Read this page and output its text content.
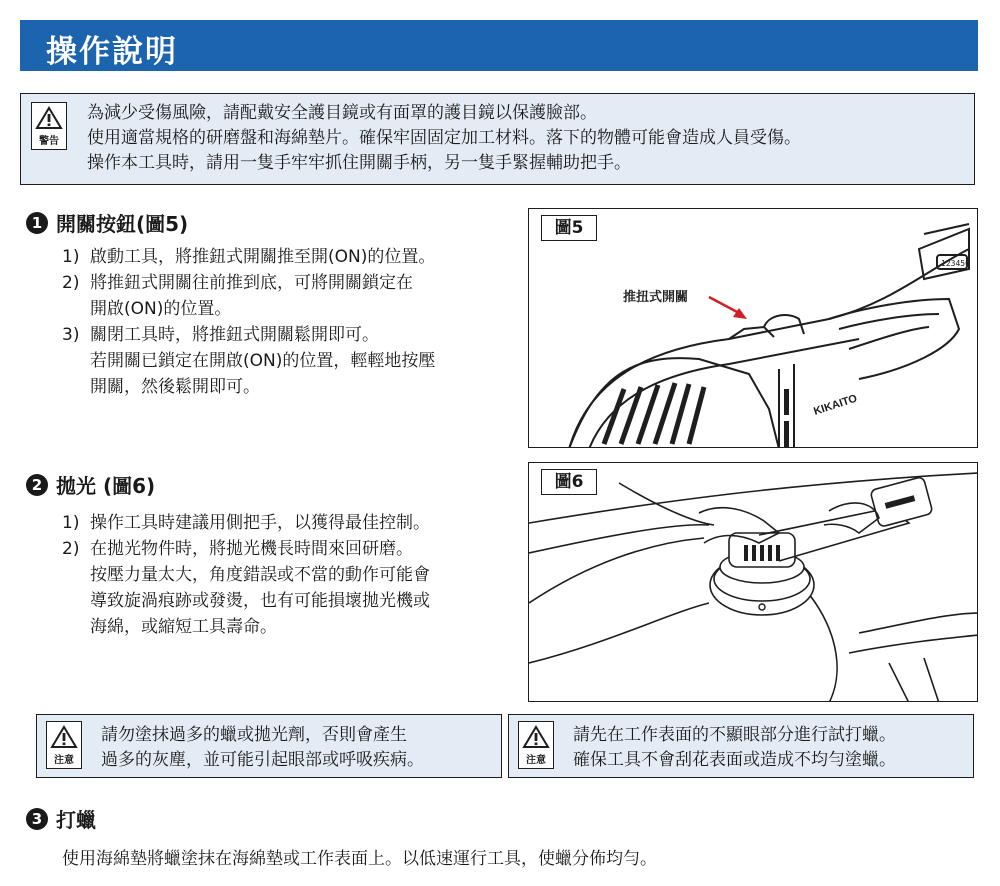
操作說明
警告
為減少受傷風險，請配戴安全護目鏡或有面罩的護目鏡以保護臉部。
使用適當規格的研磨盤和海綿墊片。確保牢固固定加工材料。落下的物體可能會造成人員受傷。
操作本工具時，請用一隻手牢牢抓住開關手柄，另一隻手緊握輔助把手。
1 開關按鈕(圖5)
1) 啟動工具，將推鈕式開關推至開(ON)的位置。
2) 將推鈕式開關往前推到底，可將開關鎖定在
開啟(ON)的位置。
3) 關閉工具時，將推鈕式開關鬆開即可。
若開關已鎖定在開啟(ON)的位置，輕輕地按壓
開關，然後鬆開即可。
圖5
KIKAITO
123456
推扭式開關
2 拋光 (圖6)
1) 操作工具時建議用側把手，以獲得最佳控制。
2) 在拋光物件時，將拋光機長時間來回研磨。
按壓力量太大，角度錯誤或不當的動作可能會
導致旋渦痕跡或發燙，也有可能損壞拋光機或
海綿，或縮短工具壽命。
圖6
注意
請勿塗抹過多的蠟或拋光劑，否則會產生
過多的灰塵，並可能引起眼部或呼吸疾病。	注意
請先在工作表面的不顯眼部分進行試打蠟。
確保工具不會刮花表面或造成不均勻塗蠟。
3 打蠟
使用海綿墊將蠟塗抹在海綿墊或工作表面上。以低速運行工具，使蠟分佈均勻。
